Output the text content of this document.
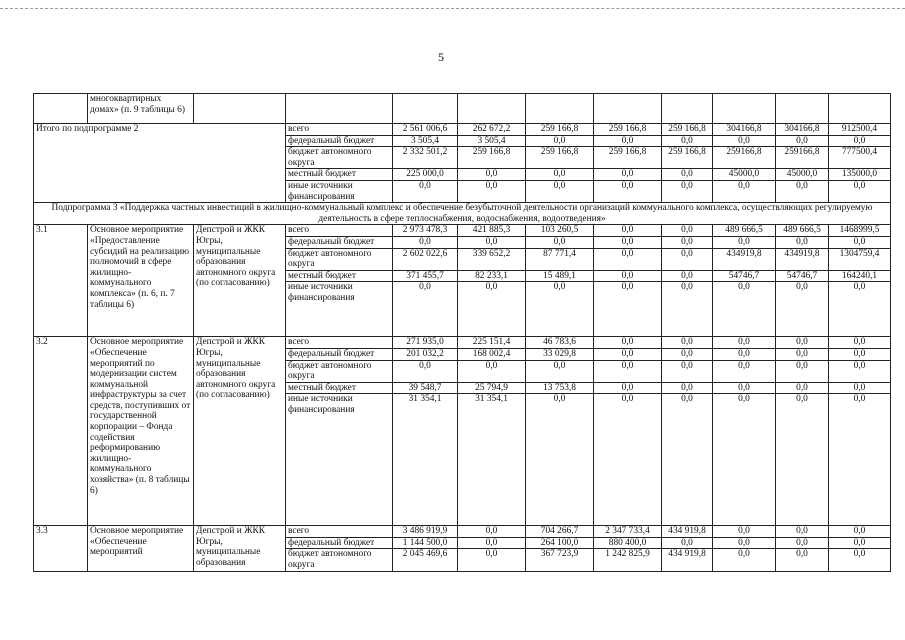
5
	многоквартирных домах» (п. 9 таблицы 6)										
Итого по подпрограмме 2			всего	2 561 006,6	262 672,2	259 166,8	259 166,8	259 166,8	304166,8	304166,8	912500,4
			федеральный бюджет	3 505,4	3 505,4	0,0	0,0	0,0	0,0	0,0	0,0
			бюджет автономного округа	2 332 501,2	259 166,8	259 166,8	259 166,8	259 166,8	259166,8	259166,8	777500,4
			местный бюджет	225 000,0	0,0	0,0	0,0	0,0	45000,0	45000,0	135000,0
			иные источники финансирования	0,0	0,0	0,0	0,0	0,0	0,0	0,0	0,0
Подпрограмма 3 «Поддержка частных инвестиций в жилищно-коммунальный комплекс и обеспечение безубыточной деятельности организаций коммунального комплекса, осуществляющих регулируемую деятельность в сфере теплоснабжения, водоснабжения, водоотведения»											
3.1	Основное мероприятие «Предоставление субсидий на реализацию полномочий в сфере жилищно-коммунального комплекса» (п. 6, п. 7 таблицы 6)	Депстрой и ЖКК Югры, муниципальные образования автономного округа (по согласованию)	всего	2 973 478,3	421 885,3	103 260,5	0,0	0,0	489 666,5	489 666,5	1468999,5
			федеральный бюджет	0,0	0,0	0,0	0,0	0,0	0,0	0,0	0,0
			бюджет автономного округа	2 602 022,6	339 652,2	87 771,4	0,0	0,0	434919,8	434919,8	1304759,4
			местный бюджет	371 455,7	82 233,1	15 489,1	0,0	0,0	54746,7	54746,7	164240,1
			иные источники финансирования	0,0	0,0	0,0	0,0	0,0	0,0	0,0	0,0
3.2	Основное мероприятие «Обеспечение мероприятий по модернизации систем коммунальной инфраструктуры за счет средств, поступивших от государственной корпорации – Фонда содействия реформированию жилищно-коммунального хозяйства» (п. 8 таблицы 6)	Депстрой и ЖКК Югры, муниципальные образования автономного округа (по согласованию)	всего	271 935,0	225 151,4	46 783,6	0,0	0,0	0,0	0,0	0,0
			федеральный бюджет	201 032,2	168 002,4	33 029,8	0,0	0,0	0,0	0,0	0,0
			бюджет автономного округа	0,0	0,0	0,0	0,0	0,0	0,0	0,0	0,0
			местный бюджет	39 548,7	25 794,9	13 753,8	0,0	0,0	0,0	0,0	0,0
			иные источники финансирования	31 354,1	31 354,1	0,0	0,0	0,0	0,0	0,0	0,0
3.3	Основное мероприятие «Обеспечение мероприятий	Депстрой и ЖКК Югры, муниципальные образования	всего	3 486 919,9	0,0	704 266,7	2 347 733,4	434 919,8	0,0	0,0	0,0
			федеральный бюджет	1 144 500,0	0,0	264 100,0	880 400,0	0,0	0,0	0,0	0,0
			бюджет автономного округа	2 045 469,6	0,0	367 723,9	1 242 825,9	434 919,8	0,0	0,0	0,0
